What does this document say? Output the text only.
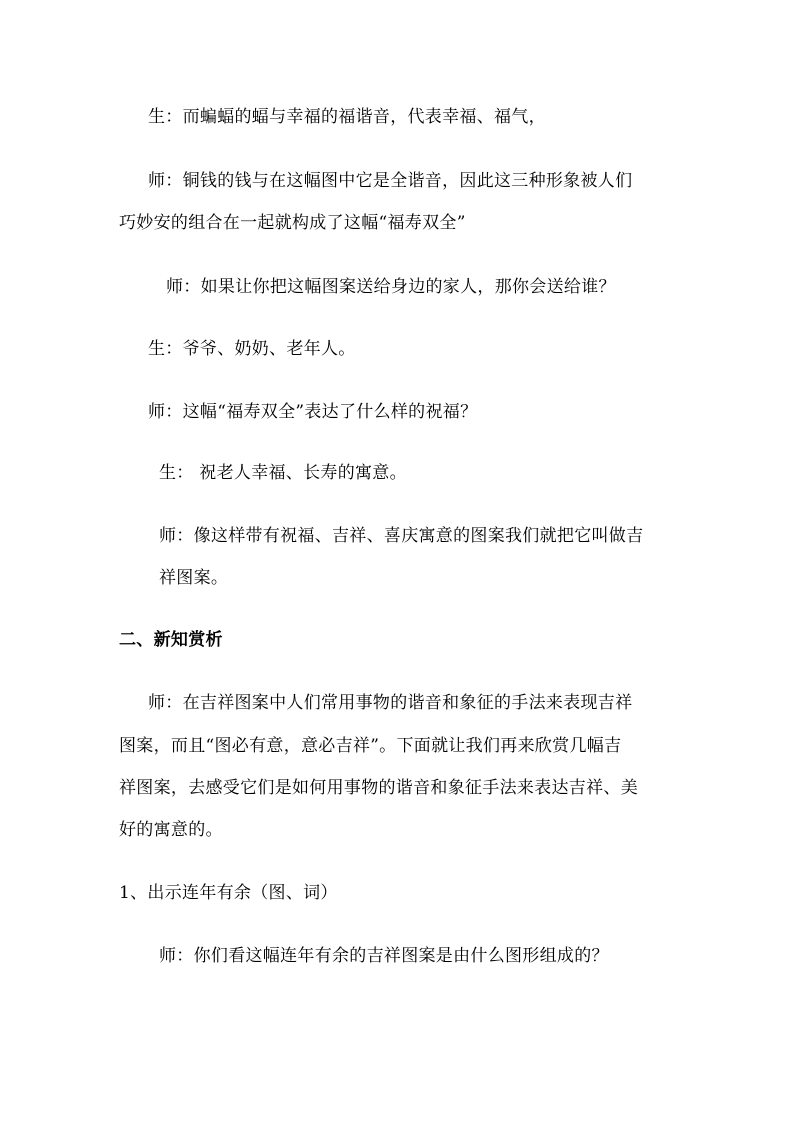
生：而蝙蝠的蝠与幸福的福谐音，代表幸福、福气，
师：铜钱的钱与在这幅图中它是全谐音，因此这三种形象被人们
巧妙安的组合在一起就构成了这幅“福寿双全”
师：如果让你把这幅图案送给身边的家人，那你会送给谁？
生：爷爷、奶奶、老年人。
师：这幅“福寿双全”表达了什么样的祝福？
生： 祝老人幸福、长寿的寓意。
师：像这样带有祝福、吉祥、喜庆寓意的图案我们就把它叫做吉
祥图案。
二、新知赏析
师：在吉祥图案中人们常用事物的谐音和象征的手法来表现吉祥
图案，而且“图必有意，意必吉祥”。下面就让我们再来欣赏几幅吉
祥图案，去感受它们是如何用事物的谐音和象征手法来表达吉祥、美
好的寓意的。
1、出示连年有余（图、词）
师：你们看这幅连年有余的吉祥图案是由什么图形组成的？
